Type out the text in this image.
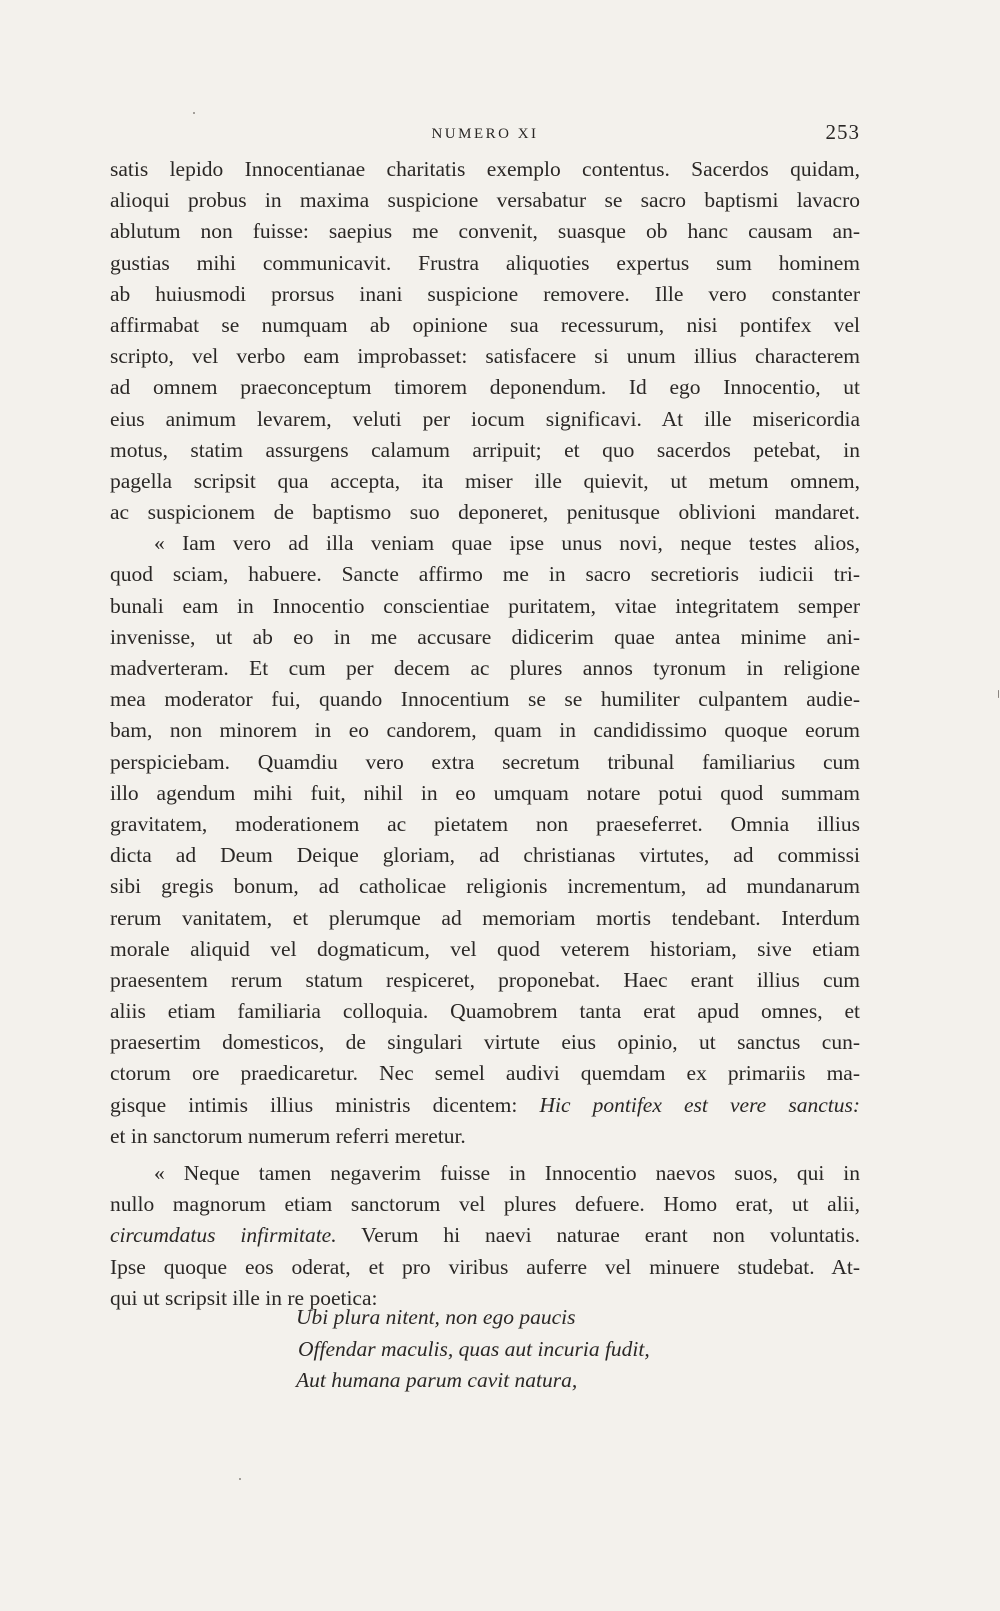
NUMERO XI	253
satis lepido Innocentianae charitatis exemplo contentus. Sacerdos quidam,
alioqui probus in maxima suspicione versabatur se sacro baptismi lavacro
ablutum non fuisse: saepius me convenit, suasque ob hanc causam an-
gustias mihi communicavit. Frustra aliquoties expertus sum hominem
ab huiusmodi prorsus inani suspicione removere. Ille vero constanter
affirmabat se numquam ab opinione sua recessurum, nisi pontifex vel
scripto, vel verbo eam improbasset: satisfacere si unum illius characterem
ad omnem praeconceptum timorem deponendum. Id ego Innocentio, ut
eius animum levarem, veluti per iocum significavi. At ille misericordia
motus, statim assurgens calamum arripuit; et quo sacerdos petebat, in
pagella scripsit qua accepta, ita miser ille quievit, ut metum omnem,
ac suspicionem de baptismo suo deponeret, penitusque oblivioni mandaret.
« Iam vero ad illa veniam quae ipse unus novi, neque testes alios,
quod sciam, habuere. Sancte affirmo me in sacro secretioris iudicii tri-
bunali eam in Innocentio conscientiae puritatem, vitae integritatem semper
invenisse, ut ab eo in me accusare didicerim quae antea minime ani-
madverteram. Et cum per decem ac plures annos tyronum in religione
mea moderator fui, quando Innocentium se se humiliter culpantem audie-
bam, non minorem in eo candorem, quam in candidissimo quoque eorum
perspiciebam. Quamdiu vero extra secretum tribunal familiarius cum
illo agendum mihi fuit, nihil in eo umquam notare potui quod summam
gravitatem, moderationem ac pietatem non praeseferret. Omnia illius
dicta ad Deum Deique gloriam, ad christianas virtutes, ad commissi
sibi gregis bonum, ad catholicae religionis incrementum, ad mundanarum
rerum vanitatem, et plerumque ad memoriam mortis tendebant. Interdum
morale aliquid vel dogmaticum, vel quod veterem historiam, sive etiam
praesentem rerum statum respiceret, proponebat. Haec erant illius cum
aliis etiam familiaria colloquia. Quamobrem tanta erat apud omnes, et
praesertim domesticos, de singulari virtute eius opinio, ut sanctus cun-
ctorum ore praedicaretur. Nec semel audivi quemdam ex primariis ma-
gisque intimis illius ministris dicentem: Hic pontifex est vere sanctus:
et in sanctorum numerum referri meretur.
« Neque tamen negaverim fuisse in Innocentio naevos suos, qui in
nullo magnorum etiam sanctorum vel plures defuere. Homo erat, ut alii,
circumdatus infirmitate. Verum hi naevi naturae erant non voluntatis.
Ipse quoque eos oderat, et pro viribus auferre vel minuere studebat. At-
qui ut scripsit ille in re poetica:
Ubi plura nitent, non ego paucis
Offendar maculis, quas aut incuria fudit,
Aut humana parum cavit natura,
